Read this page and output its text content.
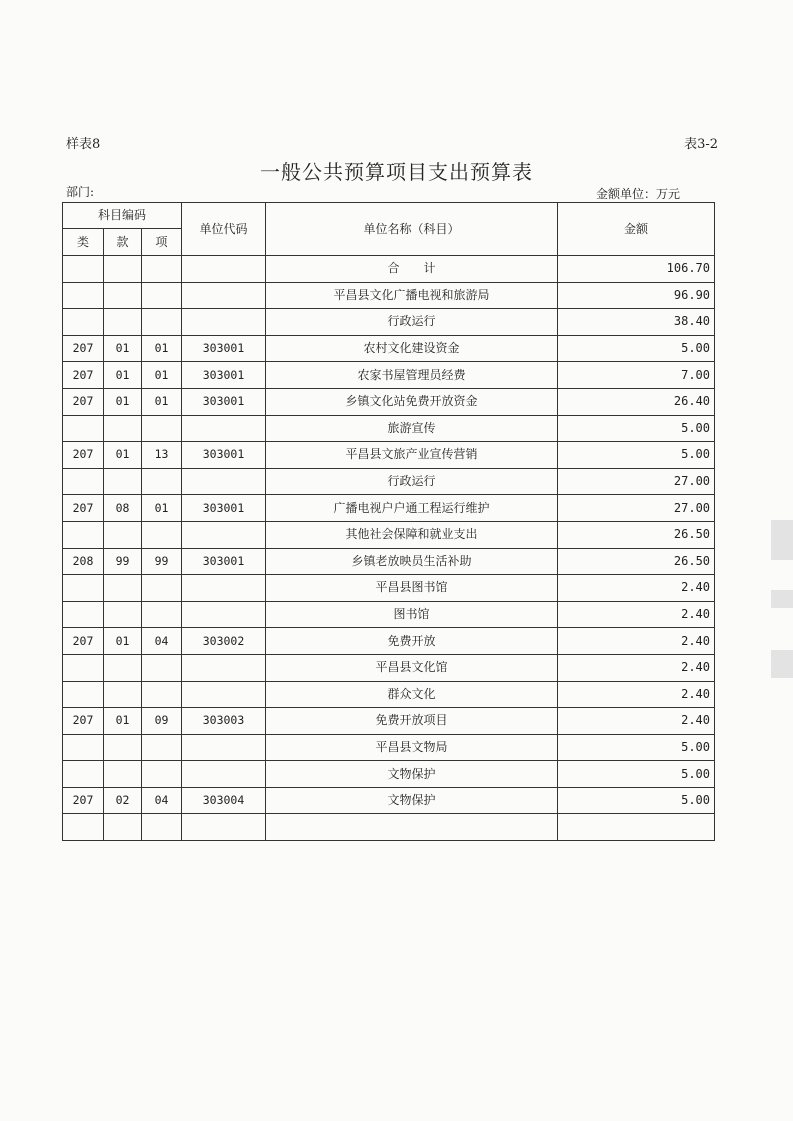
样表8	表3-2
一般公共预算项目支出预算表
部门:	金额单位：万元
科目编码			单位代码	单位名称（科目）	金额
类	款	项			
				合　　计	106.70
				平昌县文化广播电视和旅游局	96.90
				行政运行	38.40
207	01	01	303001	农村文化建设资金	5.00
207	01	01	303001	农家书屋管理员经费	7.00
207	01	01	303001	乡镇文化站免费开放资金	26.40
				旅游宣传	5.00
207	01	13	303001	平昌县文旅产业宣传营销	5.00
				行政运行	27.00
207	08	01	303001	广播电视户户通工程运行维护	27.00
				其他社会保障和就业支出	26.50
208	99	99	303001	乡镇老放映员生活补助	26.50
				平昌县图书馆	2.40
				图书馆	2.40
207	01	04	303002	免费开放	2.40
				平昌县文化馆	2.40
				群众文化	2.40
207	01	09	303003	免费开放项目	2.40
				平昌县文物局	5.00
				文物保护	5.00
207	02	04	303004	文物保护	5.00
